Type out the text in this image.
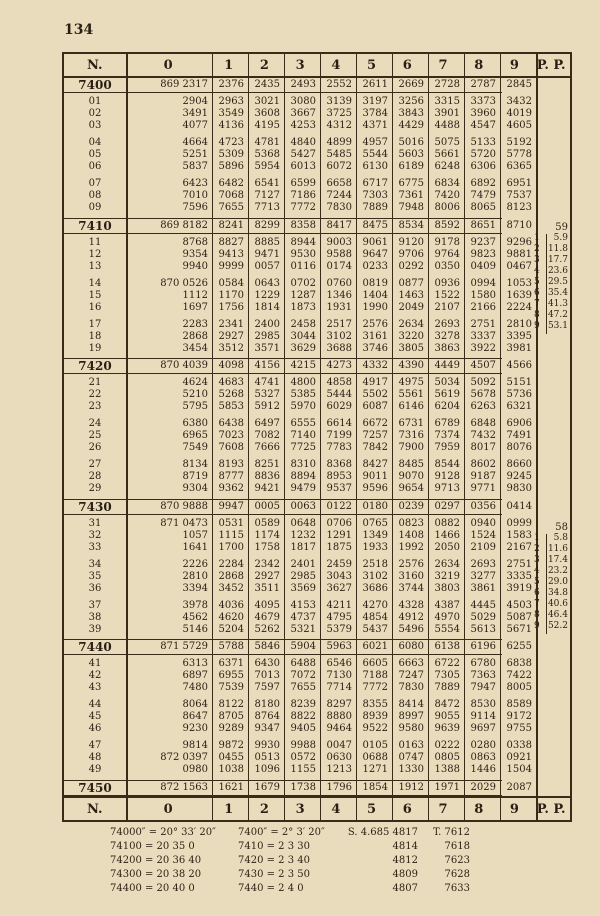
134
N.	0	1	2	3	4	5	6	7	8	9	P. P.
7400	869 2317	2376	2435	2493	2552	2611	2669	2728	2787	2845
01	2904	2963	3021	3080	3139	3197	3256	3315	3373	3432
02	3491	3549	3608	3667	3725	3784	3843	3901	3960	4019
03	4077	4136	4195	4253	4312	4371	4429	4488	4547	4605
04	4664	4723	4781	4840	4899	4957	5016	5075	5133	5192
05	5251	5309	5368	5427	5485	5544	5603	5661	5720	5778
06	5837	5896	5954	6013	6072	6130	6189	6248	6306	6365
07	6423	6482	6541	6599	6658	6717	6775	6834	6892	6951
08	7010	7068	7127	7186	7244	7303	7361	7420	7479	7537
09	7596	7655	7713	7772	7830	7889	7948	8006	8065	8123
7410	869 8182	8241	8299	8358	8417	8475	8534	8592	8651	8710
11	8768	8827	8885	8944	9003	9061	9120	9178	9237	9296
12	9354	9413	9471	9530	9588	9647	9706	9764	9823	9881
13	9940	9999	0057	0116	0174	0233	0292	0350	0409	0467
14	870 0526	0584	0643	0702	0760	0819	0877	0936	0994	1053
15	1112	1170	1229	1287	1346	1404	1463	1522	1580	1639
16	1697	1756	1814	1873	1931	1990	2049	2107	2166	2224
17	2283	2341	2400	2458	2517	2576	2634	2693	2751	2810
18	2868	2927	2985	3044	3102	3161	3220	3278	3337	3395
19	3454	3512	3571	3629	3688	3746	3805	3863	3922	3981
7420	870 4039	4098	4156	4215	4273	4332	4390	4449	4507	4566
21	4624	4683	4741	4800	4858	4917	4975	5034	5092	5151
22	5210	5268	5327	5385	5444	5502	5561	5619	5678	5736
23	5795	5853	5912	5970	6029	6087	6146	6204	6263	6321
24	6380	6438	6497	6555	6614	6672	6731	6789	6848	6906
25	6965	7023	7082	7140	7199	7257	7316	7374	7432	7491
26	7549	7608	7666	7725	7783	7842	7900	7959	8017	8076
27	8134	8193	8251	8310	8368	8427	8485	8544	8602	8660
28	8719	8777	8836	8894	8953	9011	9070	9128	9187	9245
29	9304	9362	9421	9479	9537	9596	9654	9713	9771	9830
7430	870 9888	9947	0005	0063	0122	0180	0239	0297	0356	0414
31	871 0473	0531	0589	0648	0706	0765	0823	0882	0940	0999
32	1057	1115	1174	1232	1291	1349	1408	1466	1524	1583
33	1641	1700	1758	1817	1875	1933	1992	2050	2109	2167
34	2226	2284	2342	2401	2459	2518	2576	2634	2693	2751
35	2810	2868	2927	2985	3043	3102	3160	3219	3277	3335
36	3394	3452	3511	3569	3627	3686	3744	3803	3861	3919
37	3978	4036	4095	4153	4211	4270	4328	4387	4445	4503
38	4562	4620	4679	4737	4795	4854	4912	4970	5029	5087
39	5146	5204	5262	5321	5379	5437	5496	5554	5613	5671
7440	871 5729	5788	5846	5904	5963	6021	6080	6138	6196	6255
41	6313	6371	6430	6488	6546	6605	6663	6722	6780	6838
42	6897	6955	7013	7072	7130	7188	7247	7305	7363	7422
43	7480	7539	7597	7655	7714	7772	7830	7889	7947	8005
44	8064	8122	8180	8239	8297	8355	8414	8472	8530	8589
45	8647	8705	8764	8822	8880	8939	8997	9055	9114	9172
46	9230	9289	9347	9405	9464	9522	9580	9639	9697	9755
47	9814	9872	9930	9988	0047	0105	0163	0222	0280	0338
48	872 0397	0455	0513	0572	0630	0688	0747	0805	0863	0921
49	0980	1038	1096	1155	1213	1271	1330	1388	1446	1504
7450	872 1563	1621	1679	1738	1796	1854	1912	1971	2029	2087
N.	0	1	2	3	4	5	6	7	8	9	P. P.
59
1	5.9
2 11.8
3 17.7
4 23.6
5 29.5
6 35.4
7 41.3
8 47.2
9 53.1
58
1	5.8
2 11.6
3 17.4
4 23.2
5 29.0
6 34.8
7 40.6
8 46.4
9 52.2
74000″ = 20° 33′ 20″	7400″ = 2° 3′ 20″	S. 4.685 4817	T. 7612
74100 = 20 35 0	7410 = 2 3 30	4814	7618
74200 = 20 36 40	7420 = 2 3 40	4812	7623
74300 = 20 38 20	7430 = 2 3 50	4809	7628
74400 = 20 40 0	7440 = 2 4 0	4807	7633
